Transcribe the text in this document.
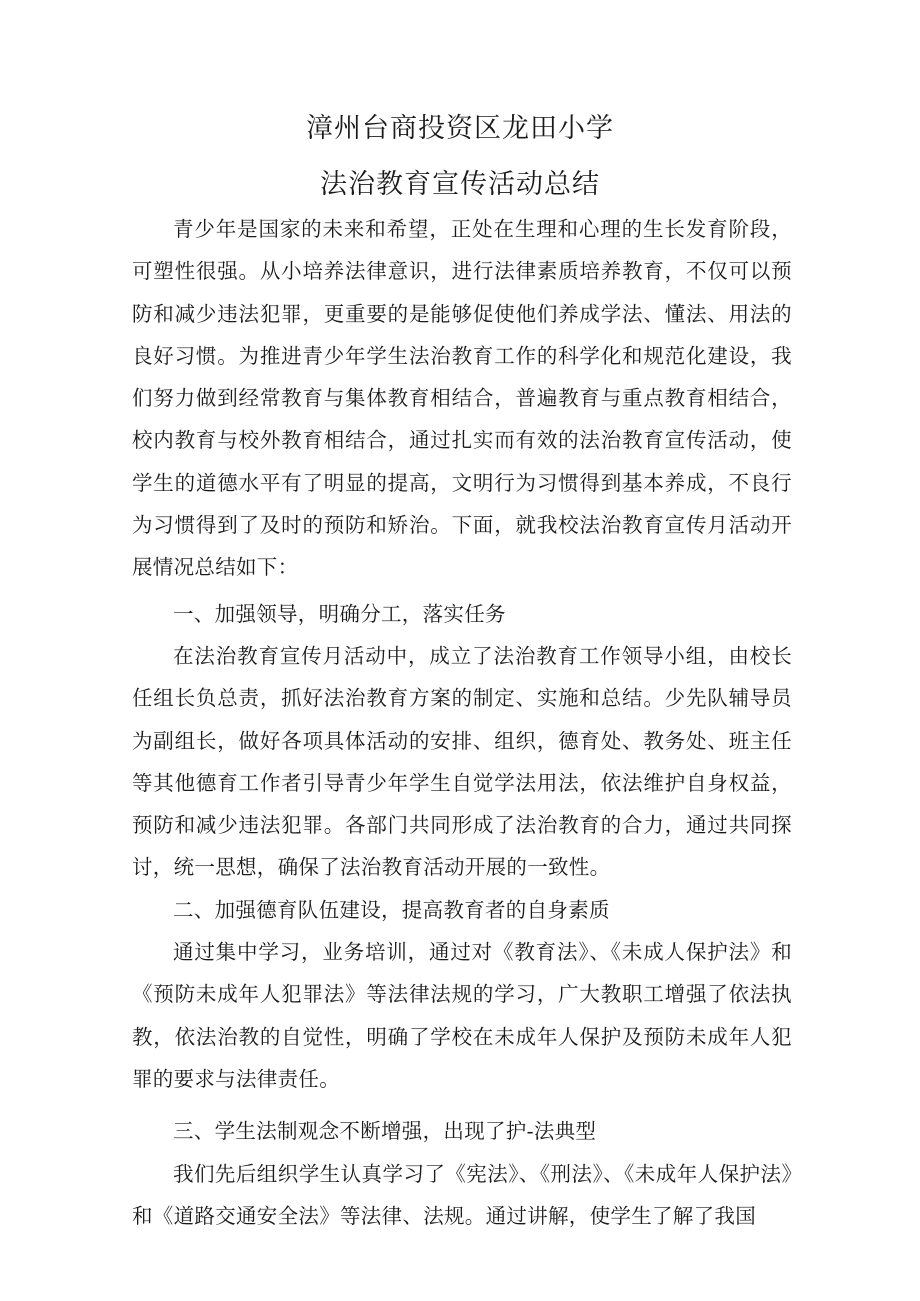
漳州台商投资区龙田小学
法治教育宣传活动总结

青少年是国家的未来和希望，正处在生理和心理的生长发育阶段，可塑性很强。从小培养法律意识，进行法律素质培养教育，不仅可以预防和减少违法犯罪，更重要的是能够促使他们养成学法、懂法、用法的良好习惯。为推进青少年学生法治教育工作的科学化和规范化建设，我们努力做到经常教育与集体教育相结合，普遍教育与重点教育相结合，校内教育与校外教育相结合，通过扎实而有效的法治教育宣传活动，使学生的道德水平有了明显的提高，文明行为习惯得到基本养成，不良行为习惯得到了及时的预防和矫治。下面，就我校法治教育宣传月活动开展情况总结如下：

一、加强领导，明确分工，落实任务

在法治教育宣传月活动中，成立了法治教育工作领导小组，由校长任组长负总责，抓好法治教育方案的制定、实施和总结。少先队辅导员为副组长，做好各项具体活动的安排、组织，德育处、教务处、班主任等其他德育工作者引导青少年学生自觉学法用法，依法维护自身权益，预防和减少违法犯罪。各部门共同形成了法治教育的合力，通过共同探讨，统一思想，确保了法治教育活动开展的一致性。

二、加强德育队伍建设，提高教育者的自身素质

通过集中学习，业务培训，通过对《教育法》、《未成人保护法》和《预防未成年人犯罪法》等法律法规的学习，广大教职工增强了依法执教，依法治教的自觉性，明确了学校在未成年人保护及预防未成年人犯罪的要求与法律责任。

三、学生法制观念不断增强，出现了护-法典型

我们先后组织学生认真学习了《宪法》、《刑法》、《未成年人保护法》和《道路交通安全法》等法律、法规。通过讲解，使学生了解了我国
